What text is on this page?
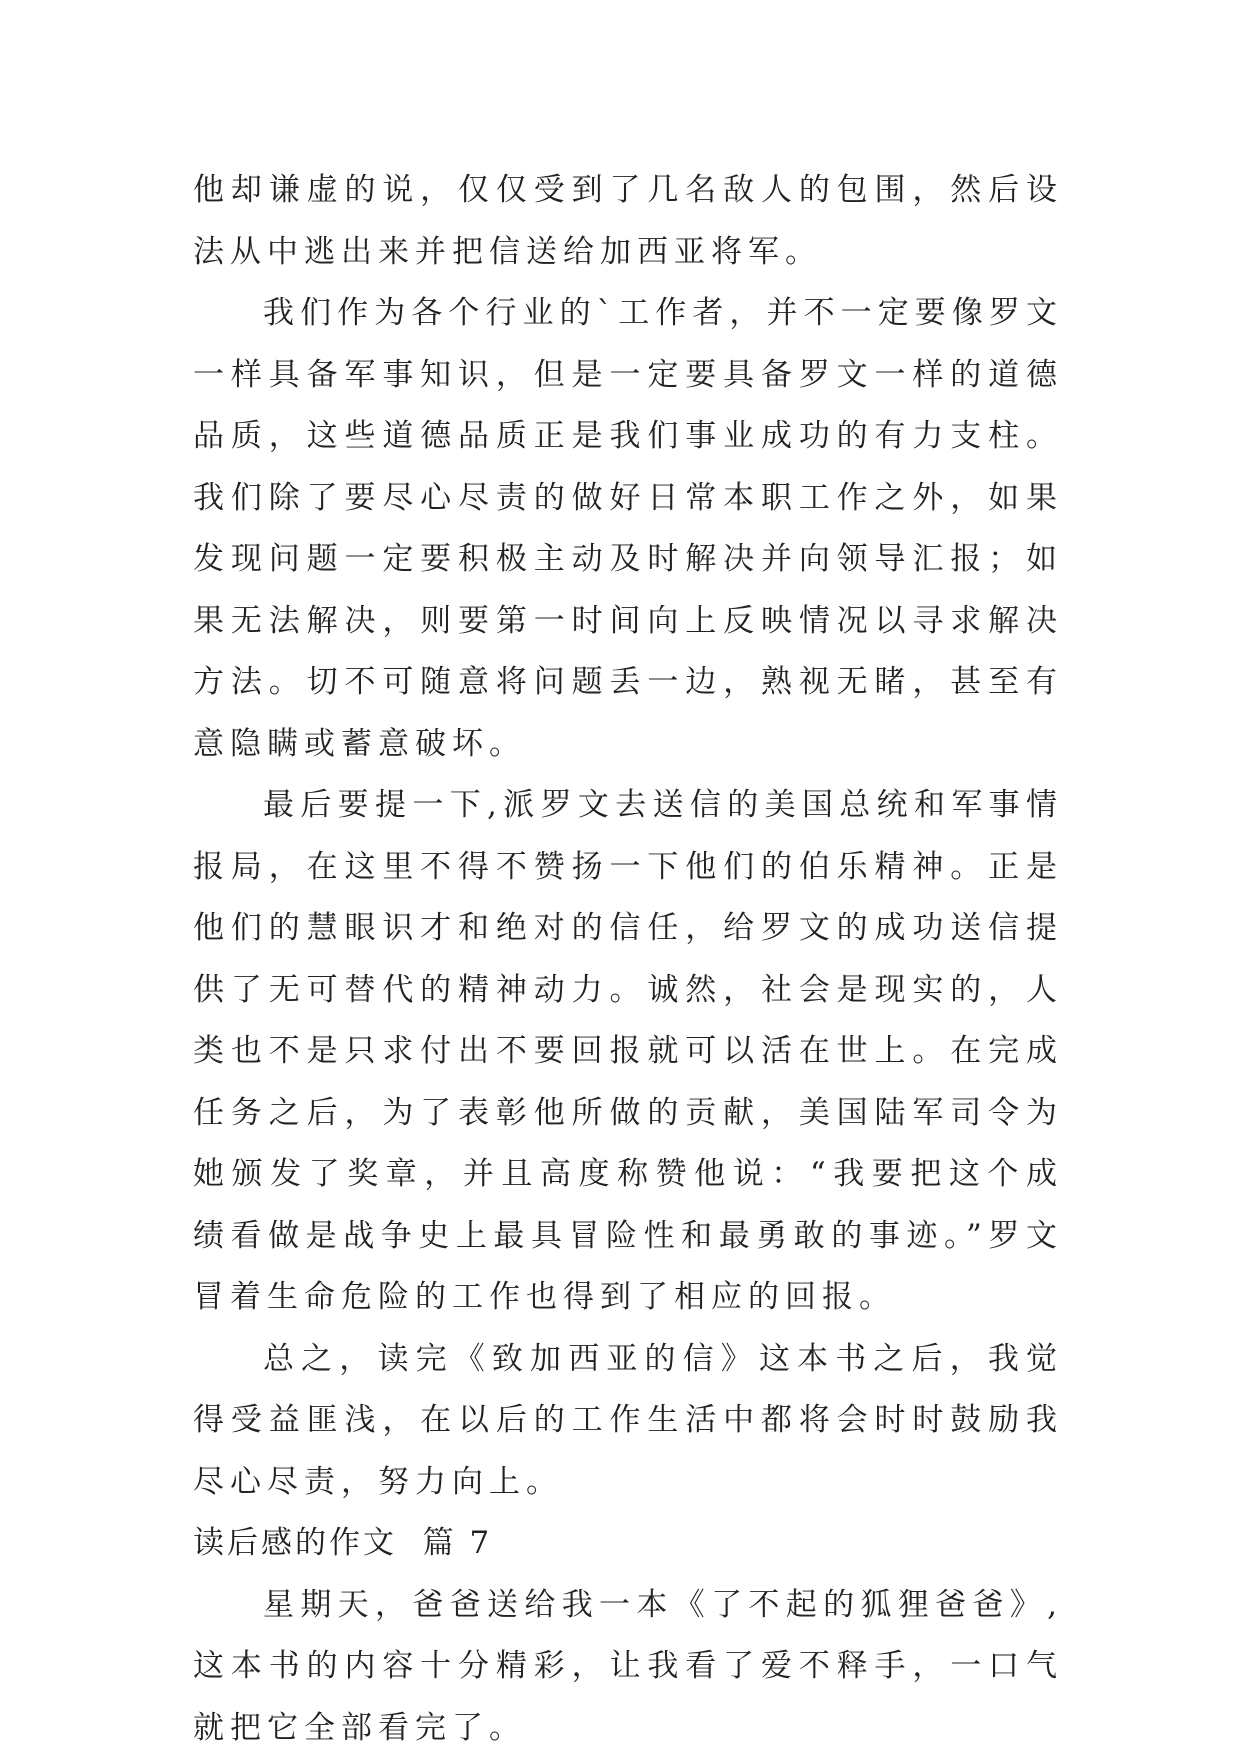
他却谦虚的说，仅仅受到了几名敌人的包围，然后设法从中逃出来并把信送给加西亚将军。

我们作为各个行业的`工作者，并不一定要像罗文一样具备军事知识，但是一定要具备罗文一样的道德品质，这些道德品质正是我们事业成功的有力支柱。我们除了要尽心尽责的做好日常本职工作之外，如果发现问题一定要积极主动及时解决并向领导汇报；如果无法解决，则要第一时间向上反映情况以寻求解决方法。切不可随意将问题丢一边，熟视无睹，甚至有意隐瞒或蓄意破坏。

最后要提一下,派罗文去送信的美国总统和军事情报局，在这里不得不赞扬一下他们的伯乐精神。正是他们的慧眼识才和绝对的信任，给罗文的成功送信提供了无可替代的精神动力。诚然，社会是现实的，人类也不是只求付出不要回报就可以活在世上。在完成任务之后，为了表彰他所做的贡献，美国陆军司令为她颁发了奖章，并且高度称赞他说：“我要把这个成绩看做是战争史上最具冒险性和最勇敢的事迹。”罗文冒着生命危险的工作也得到了相应的回报。

总之，读完《致加西亚的信》这本书之后，我觉得受益匪浅，在以后的工作生活中都将会时时鼓励我尽心尽责，努力向上。

读后感的作文  篇 7

星期天，爸爸送给我一本《了不起的狐狸爸爸》,这本书的内容十分精彩，让我看了爱不释手，一口气就把它全部看完了。
